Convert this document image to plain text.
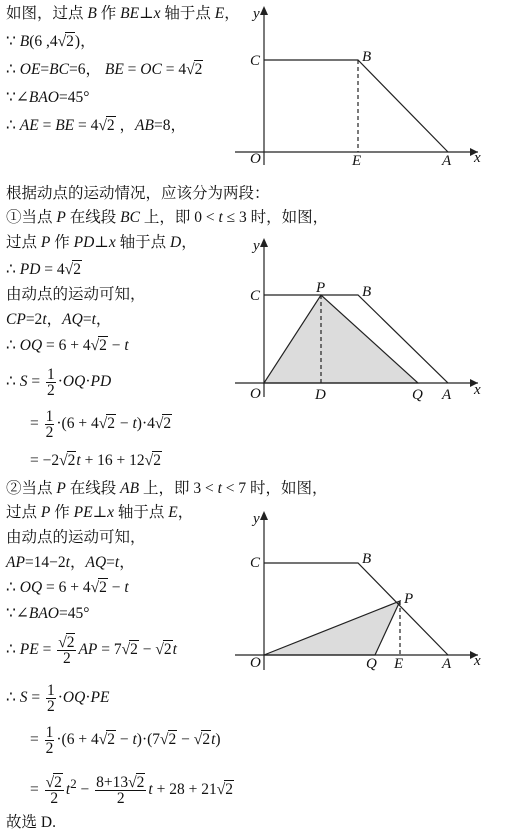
如图，过点 B 作 BE⊥x 轴于点 E，
∵ B(6 ,4√2)，
∴ OE=BC=6， BE = OC = 4√2
∵∠BAO=45°
∴ AE = BE = 4√2 ，AB=8，
y
x
O
C	B
E	A
根据动点的运动情况，应该分为两段：
①当点 P 在线段 BC 上，即 0 < t ≤ 3 时，如图，
过点 P 作 PD⊥x 轴于点 D，
∴ PD = 4√2
由动点的运动可知，
CP=2t，AQ=t，
∴ OQ = 6 + 4√2 − t
∴ $S = \frac{1}{2} \cdot OQ\cdot PD$
= $\frac{1}{2} \cdot(6 + 4√2 - t)\cdot 4√2$
= −2√2t + 16 + 12√2
y
x
O
C	P B
D	Q A
②当点 P 在线段 AB 上，即 3 < t < 7 时，如图，
过点 P 作 PE⊥x 轴于点 E，
由动点的运动可知，
AP=14−2t，AQ=t，
∴ OQ = 6 + 4√2 − t
∵∠BAO=45°
∴ PE = $\frac{√2}{2}$ AP = 7√2 − √2t
∴ $S = \frac{1}{2} \cdot OQ\cdot PE$
= $\frac{1}{2} \cdot(6 + 4√2 - t)\cdot(7√2 - √2t)$
= $\frac{√2}{2} t^2 - \frac{8+13√2}{2}$ t + 28 + 21√2
故选 D.
y
x
O
C	B
P
Q E	A
